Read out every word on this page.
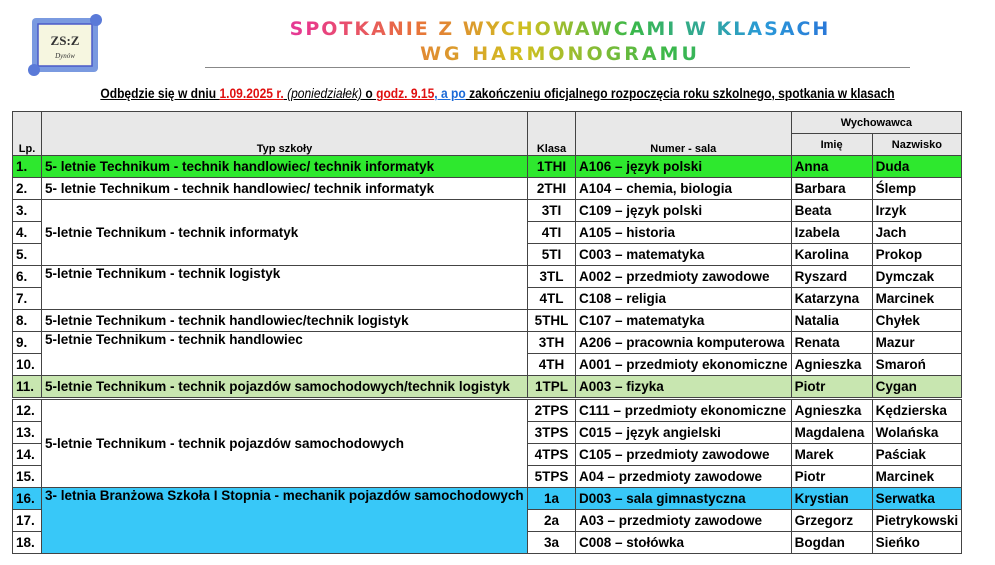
ZS:Z
Dynów
SPOTKANIE Z WYCHOWAWCAMI W KLASACH
WG HARMONOGRAMU
Odbędzie się w dniu 1.09.2025 r. (poniedziałek) o godz. 9.15, a po zakończeniu oficjalnego rozpoczęcia roku szkolnego, spotkania w klasach
Lp.	Typ szkoły	Klasa	Numer - sala	Wychowawca	
				Imię	Nazwisko

1.	5- letnie Technikum - technik handlowiec/ technik informatyk	1THI	A106 – język polski	Anna	Duda

2.	5- letnie Technikum - technik handlowiec/ technik informatyk	2THI	A104 – chemia, biologia	Barbara	Ślemp

3.	5-letnie Technikum - technik informatyk	3TI	C109 – język polski	Beata	Irzyk

4.		4TI	A105 – historia	Izabela	Jach

5.		5TI	C003 – matematyka	Karolina	Prokop

6.	5-letnie Technikum - technik logistyk	3TL	A002 – przedmioty zawodowe	Ryszard	Dymczak

7.		4TL	C108 – religia	Katarzyna	Marcinek

8.	5-letnie Technikum - technik handlowiec/technik logistyk	5THL	C107 – matematyka	Natalia	Chyłek

9.	5-letnie Technikum - technik handlowiec	3TH	A206 – pracownia komputerowa	Renata	Mazur

10.		4TH	A001 – przedmioty ekonomiczne	Agnieszka	Smaroń

11.	5-letnie Technikum - technik pojazdów samochodowych/technik logistyk	1TPL	A003 – fizyka	Piotr	Cygan

12.	5-letnie Technikum - technik pojazdów samochodowych	2TPS	C111 – przedmioty ekonomiczne	Agnieszka	Kędzierska

13.		3TPS	C015 – język angielski	Magdalena	Wolańska

14.		4TPS	C105 – przedmioty zawodowe	Marek	Paściak

15.		5TPS	A04 – przedmioty zawodowe	Piotr	Marcinek

16.	3- letnia Branżowa Szkoła I Stopnia - mechanik pojazdów samochodowych	1a	D003 – sala gimnastyczna	Krystian	Serwatka

17.		2a	A03 – przedmioty zawodowe	Grzegorz	Pietrykowski

18.		3a	C008 – stołówka	Bogdan	Sieńko
